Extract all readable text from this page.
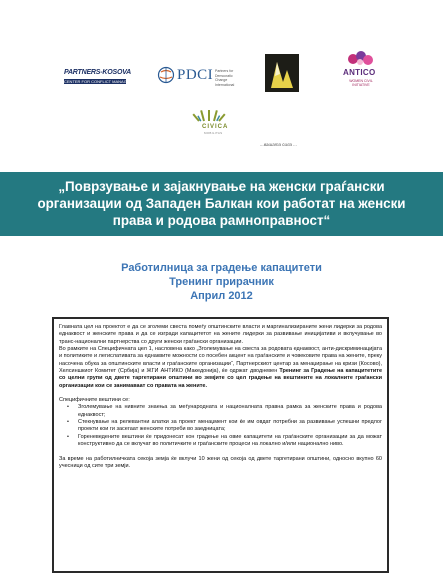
PARTNERS-KOSOVA
CENTER FOR CONFLICT MANAGEMENT PDCI Partners for Democratic Change International
ANTICO
WOMEN CIVIL INITIATIVE
CIVICA
MOBILITAS
...вашата сила ...
„Поврзување и зајакнување на женски граѓански организации од Западен Балкан кои работат на женски права и родова рамноправност“
Работилница за градење капацитети
Тренинг прирачник
Април 2012

Главната цел на проектот е да се зголеми свеста помеѓу општинските власти и маргинализираните жени лидерки за родова еднаквост и женските права и да се изгради капацитетот на жените лидерки за развивање иницијативи и вклучување во транс-национални партнерства со други женски граѓански организации.

Во рамките на Специфичната цел 1, насловена како „Зголемување на свеста за родовата еднаквост, анти-дискриминацијата и политиките и легислативата за еднаквите можности со посебен акцент на граѓанските и човековите права на жените, преку насочена обука за општинските власти и граѓанските организации“, Партнерскиот центар за менаџирање на кризи (Косово), Хелсиншкиот Комитет (Србија) и ЖГИ АНТИКО (Македонија), ќе одржат дводневен Тренинг за Градење на капацитетите со целни групи од двете таргетирани општини во земјите со цел градење на вештините на локалните граѓански организации кои се занимаваат со правата на жените.

Специфичните вештини се:

• Зголемување на нивните знаења за меѓународната и националната правна рамка за женските права и родова еднаквост;
• Стекнување на релевантни алатки за проект менаџмент кои ќе им овдат потребни за развивање успешни предлог проекти кои ги засегаат женските потреби во заедницата;
• Гореневедените вештини ќе придонесат кон градење на овие капацитети на граѓанските организации за да можат конструктивно да се вклучат во политичките и граѓанските процеси на локално и/или национално ниво.

За време на работилничката секоја земја ќе вклучи 10 жени од секоја од двете таргетирани општини, односно вкупно 60 учесници од сите три земји.
